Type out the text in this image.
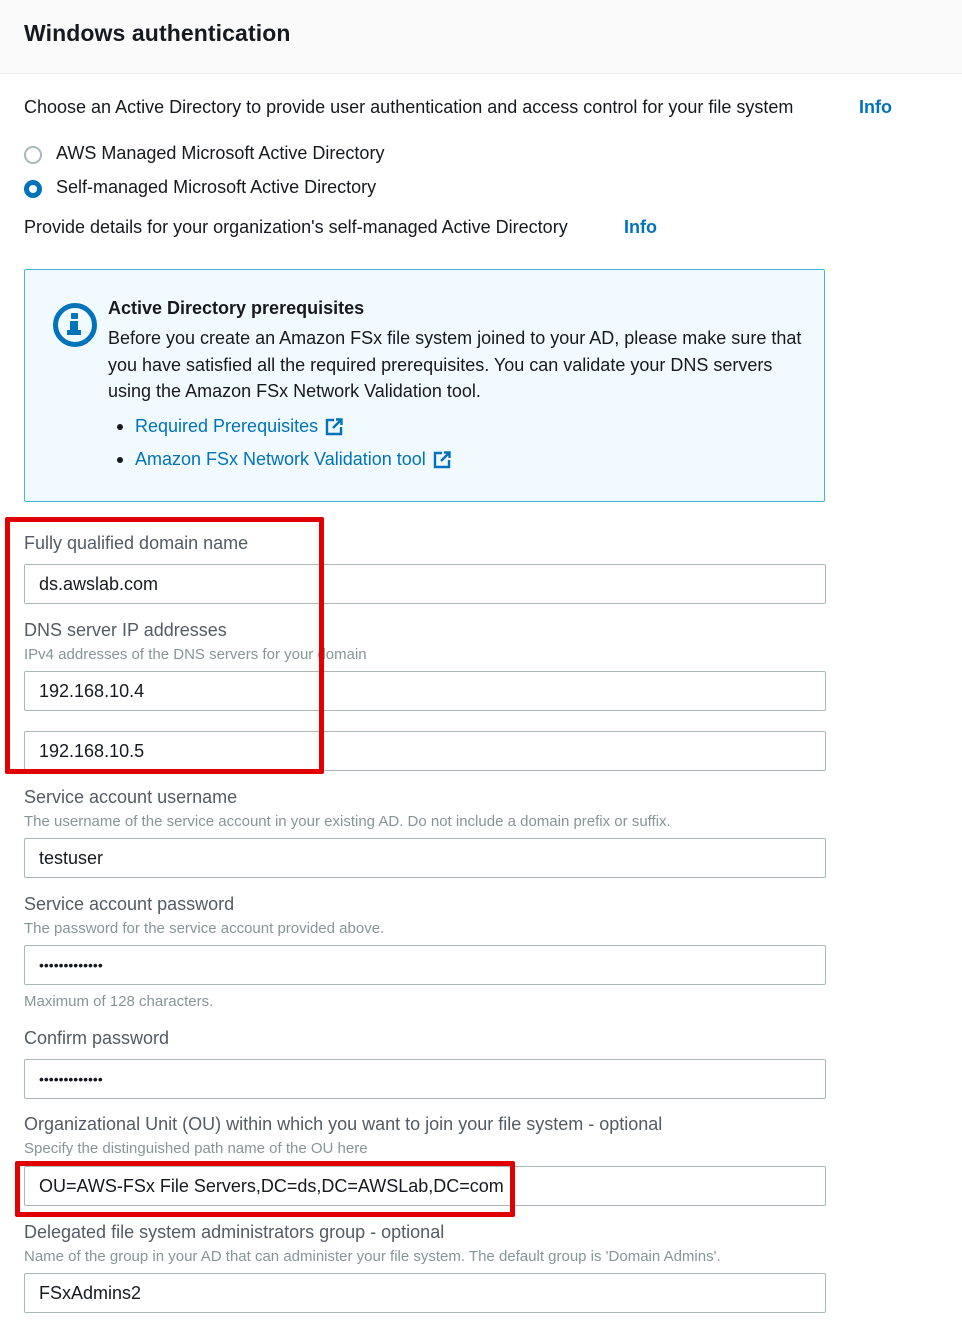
Windows authentication
Choose an Active Directory to provide user authentication and access control for your file system	Info
AWS Managed Microsoft Active Directory
Self-managed Microsoft Active Directory
Provide details for your organization's self-managed Active Directory	Info
Active Directory prerequisites
Before you create an Amazon FSx file system joined to your AD, please make sure that you have satisfied all the required prerequisites. You can validate your DNS servers using the Amazon FSx Network Validation tool.
Required Prerequisites
Amazon FSx Network Validation tool
Fully qualified domain name
ds.awslab.com
DNS server IP addresses
IPv4 addresses of the DNS servers for your domain
192.168.10.4
192.168.10.5
Service account username
The username of the service account in your existing AD. Do not include a domain prefix or suffix.
testuser
Service account password
The password for the service account provided above.
•••••••••••••
Maximum of 128 characters.
Confirm password
•••••••••••••
Organizational Unit (OU) within which you want to join your file system - optional
Specify the distinguished path name of the OU here
OU=AWS-FSx File Servers,DC=ds,DC=AWSLab,DC=com
Delegated file system administrators group - optional
Name of the group in your AD that can administer your file system. The default group is 'Domain Admins'.
FSxAdmins2
